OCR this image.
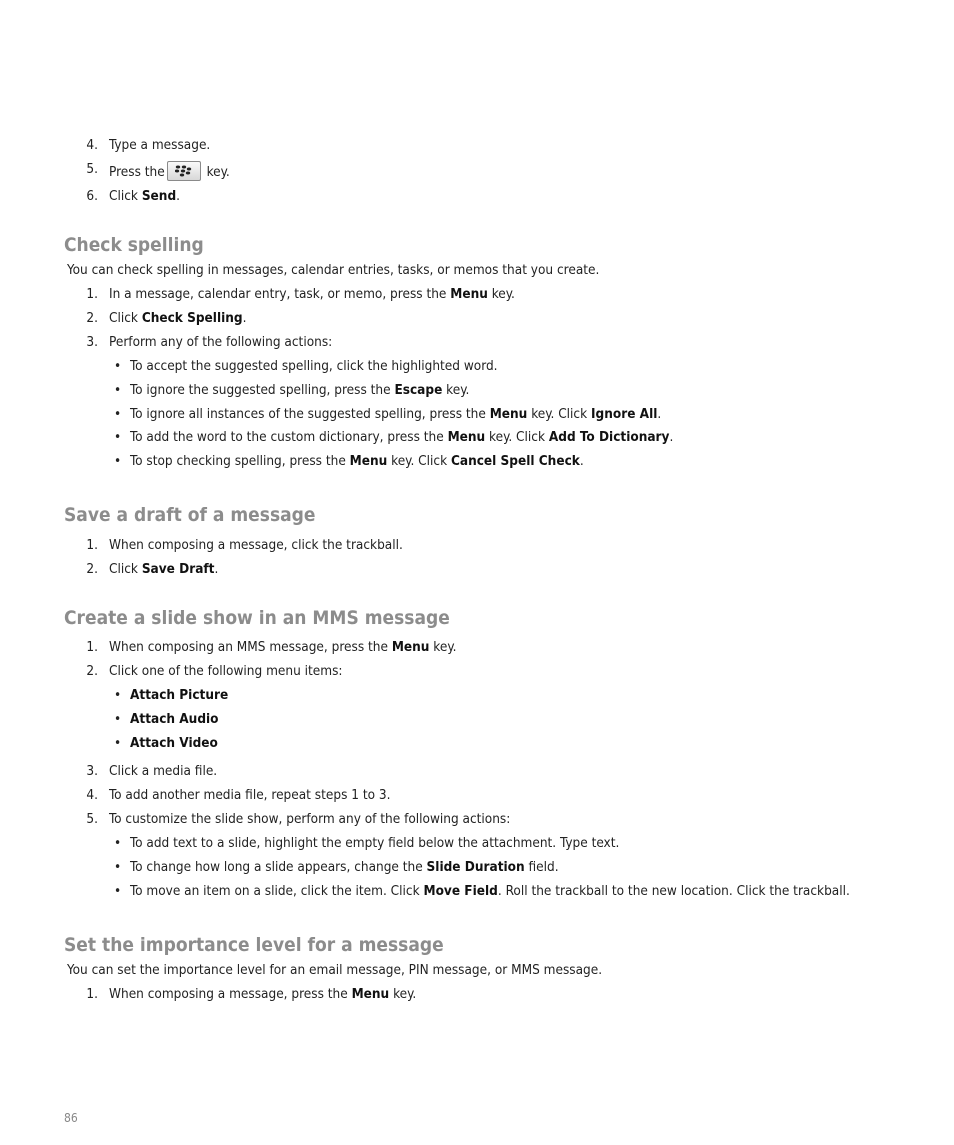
4. Type a message.
5. Press the	key.
6. Click Send.
Check spelling
You can check spelling in messages, calendar entries, tasks, or memos that you create.
1. In a message, calendar entry, task, or memo, press the Menu key.
2. Click Check Spelling.
3. Perform any of the following actions:
• To accept the suggested spelling, click the highlighted word.
• To ignore the suggested spelling, press the Escape key.
• To ignore all instances of the suggested spelling, press the Menu key. Click Ignore All.
• To add the word to the custom dictionary, press the Menu key. Click Add To Dictionary.
• To stop checking spelling, press the Menu key. Click Cancel Spell Check.
Save a draft of a message
1. When composing a message, click the trackball.
2. Click Save Draft.
Create a slide show in an MMS message
1. When composing an MMS message, press the Menu key.
2. Click one of the following menu items:
• Attach Picture
• Attach Audio
• Attach Video
3. Click a media file.
4. To add another media file, repeat steps 1 to 3.
5. To customize the slide show, perform any of the following actions:
• To add text to a slide, highlight the empty field below the attachment. Type text.
• To change how long a slide appears, change the Slide Duration field.
• To move an item on a slide, click the item. Click Move Field. Roll the trackball to the new location. Click the trackball.
Set the importance level for a message
You can set the importance level for an email message, PIN message, or MMS message.
1. When composing a message, press the Menu key.
86
